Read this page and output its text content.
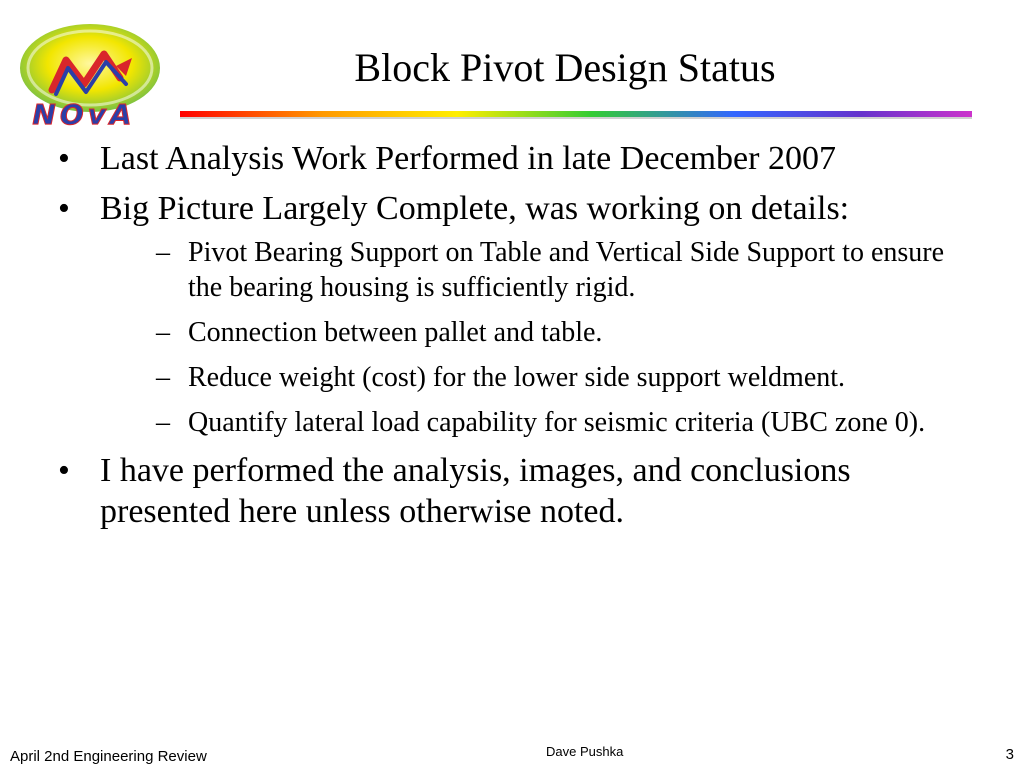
NOvA
Block Pivot Design Status
• Last Analysis Work Performed in late December 2007
• Big Picture Largely Complete, was working on details:
– Pivot Bearing Support on Table and Vertical Side Support to ensure the bearing housing is sufficiently rigid.
– Connection between pallet and table.
– Reduce weight (cost) for the lower side support weldment.
– Quantify lateral load capability for seismic criteria (UBC zone 0).
• I have performed the analysis, images, and conclusions presented here unless otherwise noted.
April 2nd Engineering Review	Dave Pushka	3
